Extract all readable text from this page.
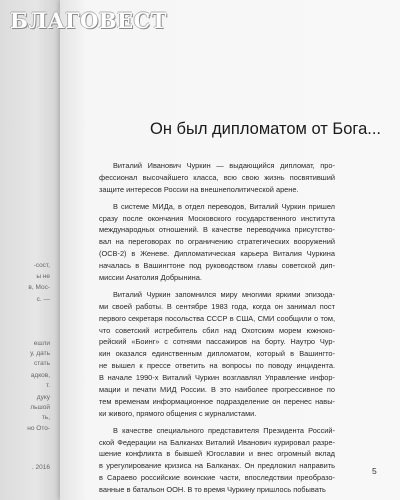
-сост,
ы не
в, Мос-
с. —
ешли
у, дать
стать
адков,
т.
дуку
льшой
ть,
но Ото-
. 2016
БЛАГОВЕСТ
Он был дипломатом от Бога...
Виталий Иванович Чуркин — выдающийся дипломат, про-
фессионал высочайшего класса, всю свою жизнь посвятивший
защите интересов России на внешнеполитической арене.
В системе МИДа, в отдел переводов, Виталий Чуркин пришел
сразу после окончания Московского государственного института
международных отношений. В качестве переводчика присутство-
вал на переговорах по ограничению стратегических вооружений
(ОСВ-2) в Женеве. Дипломатическая карьера Виталия Чуркина
началась в Вашингтоне под руководством главы советской дип-
миссии Анатолия Добрынина.
Виталий Чуркин запомнился миру многими яркими эпизода-
ми своей работы. В сентябре 1983 года, когда он занимал пост
первого секретаря посольства СССР в США, СМИ сообщили о том,
что советский истребитель сбил над Охотским морем южноко-
рейский «Боинг» с сотнями пассажиров на борту. Наутро Чур-
кин оказался единственным дипломатом, который в Вашингто-
не вышел к прессе ответить на вопросы по поводу инцидента.
В начале 1990-х Виталий Чуркин возглавлял Управление инфор-
мации и печати МИД России. В это наиболее прогрессивное по
тем временам информационное подразделение он перенес навы-
ки живого, прямого общения с журналистами.
В качестве специального представителя Президента Россий-
ской Федерации на Балканах Виталий Иванович курировал разре-
шение конфликта в бывшей Югославии и внес огромный вклад
в урегулирование кризиса на Балканах. Он предложил направить
в Сараево российские воинские части, впоследствии преобразо-
ванные в батальон ООН. В то время Чуркину пришлось побывать
5
